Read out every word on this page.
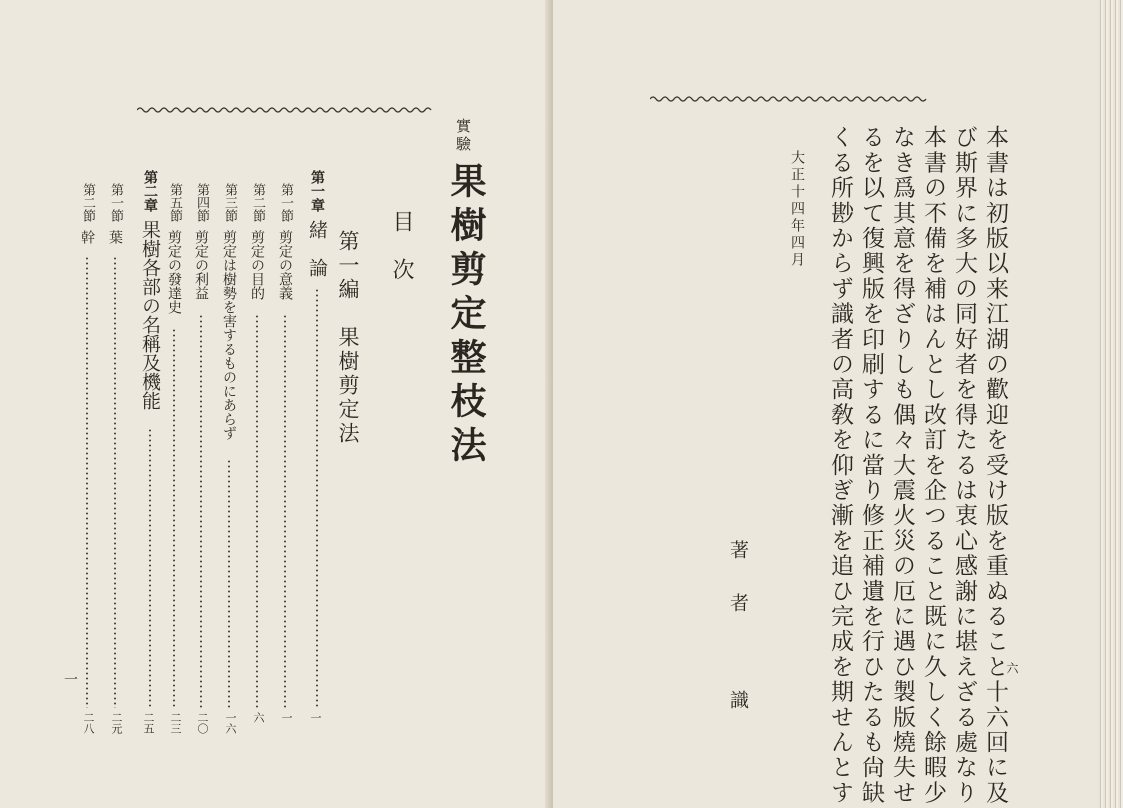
實驗
果樹剪定整枝法
目次
第一編　果樹剪定法
第一章　緒　論
一
第一節　剪定の意義
一
第二節　剪定の目的
六
第三節　剪定は樹勢を害するものにあらず
一六
第四節　剪定の利益
二〇
第五節　剪定の發達史
二三
第二章　果樹各部の名稱及機能
二五
第一節　葉
二元
第二節　幹
二八
一	本書は初版以来江湖の歡迎を受け版を重ぬること十六回に及
び斯界に多大の同好者を得たるは衷心感謝に堪えざる處なり
本書の不備を補はんとし改訂を企つること既に久しく餘暇少
なき爲其意を得ざりしも偶々大震火災の厄に遇ひ製版燒失せ
るを以て復興版を印刷するに當り修正補遺を行ひたるも尙缺
くる所尠からず識者の高敎を仰ぎ漸を追ひ完成を期せんとす
大正十四年四月
著者
識
六
